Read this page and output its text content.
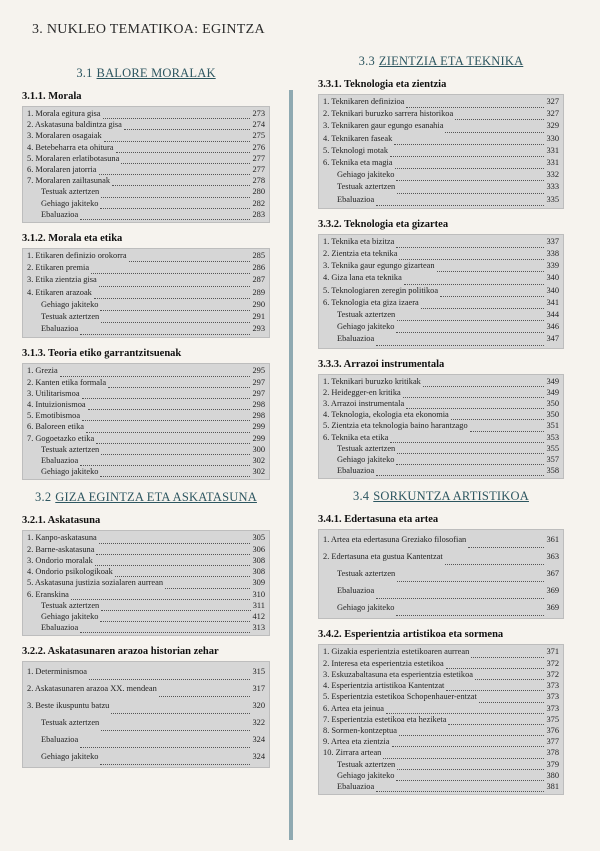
3. NUKLEO TEMATIKOA: EGINTZA
3.1 BALORE MORALAK
3.1.1. Morala
1. Morala egitura gisa	273
2. Askatasuna baldintza gisa	274
3. Moralaren osagaiak	275
4. Betebeharra eta ohitura	276
5. Moralaren erlatibotasuna	277
6. Moralaren jatorria	277
7. Moralaren zailtasunak	278
Testuak aztertzen	280
Gehiago jakiteko	282
Ebaluazioa	283
3.1.2. Morala eta etika
1. Etikaren definizio orokorra	285
2. Etikaren premia	286
3. Etika zientzia gisa	287
4. Etikaren arazoak	289
Gehiago jakiteko	290
Testuak aztertzen	291
Ebaluazioa	293
3.1.3. Teoria etiko garrantzitsuenak
1. Grezia	295
2. Kanten etika formala	297
3. Utilitarismoa	297
4. Intuizionismoa	298
5. Emotibismoa	298
6. Baloreen etika	299
7. Gogoetazko etika	299
Testuak aztertzen	300
Ebaluazioa	302
Gehiago jakiteko	302
3.2 GIZA EGINTZA ETA ASKATASUNA
3.2.1. Askatasuna
1. Kanpo-askatasuna	305
2. Barne-askatasuna	306
3. Ondorio moralak	308
4. Ondorio psikologikoak	308
5. Askatasuna justizia sozialaren aurrean	309
6. Eranskina	310
Testuak aztertzen	311
Gehiago jakiteko	412
Ebaluazioa	313
3.2.2. Askatasunaren arazoa historian zehar
1. Determinismoa	315
2. Askatasunaren arazoa XX. mendean	317
3. Beste ikuspuntu batzu	320
Testuak aztertzen	322
Ebaluazioa	324
Gehiago jakiteko	324
3.3 ZIENTZIA ETA TEKNIKA
3.3.1. Teknologia eta zientzia
1. Teknikaren definizioa	327
2. Teknikari buruzko sarrera historikoa	327
3. Teknikaren gaur egungo esanahia	329
4. Teknikaren faseak	330
5. Teknologi motak	331
6. Teknika eta magia	331
Gehiago jakiteko	332
Testuak aztertzen	333
Ebaluazioa	335
3.3.2. Teknologia eta gizartea
1. Teknika eta bizitza	337
2. Zientzia eta teknika	338
3. Teknika gaur egungo gizartean	339
4. Giza lana eta teknika	340
5. Teknologiaren zeregin politikoa	340
6. Teknologia eta giza izaera	341
Testuak aztertzen	344
Gehiago jakiteko	346
Ebaluazioa	347
3.3.3. Arrazoi instrumentala
1. Teknikari buruzko kritikak	349
2. Heidegger-en kritika	349
3. Arrazoi instrumentala	350
4. Teknologia, ekologia eta ekonomia	350
5. Zientzia eta teknologia baino harantzago	351
6. Teknika eta etika	353
Testuak aztertzen	355
Gehiago jakiteko	357
Ebaluazioa	358
3.4 SORKUNTZA ARTISTIKOA
3.4.1. Edertasuna eta artea
1. Artea eta edertasuna Greziako filosofian	361
2. Edertasuna eta gustua Kantentzat	363
Testuak aztertzen	367
Ebaluazioa	369
Gehiago jakiteko	369
3.4.2. Esperientzia artistikoa eta sormena
1. Gizakia esperientzia estetikoaren aurrean	371
2. Interesa eta esperientzia estetikoa	372
3. Eskuzabaltasuna eta esperientzia estetikoa	372
4. Esperientzia artistikoa Kantentzat	373
5. Esperientzia estetikoa Schopenhauer-entzat	373
6. Artea eta jeinua	373
7. Esperientzia estetikoa eta heziketa	375
8. Sormen-kontzeptua	376
9. Artea eta zientzia	377
10. Zirrara artean	378
Testuak aztertzen	379
Gehiago jakiteko	380
Ebaluazioa	381
